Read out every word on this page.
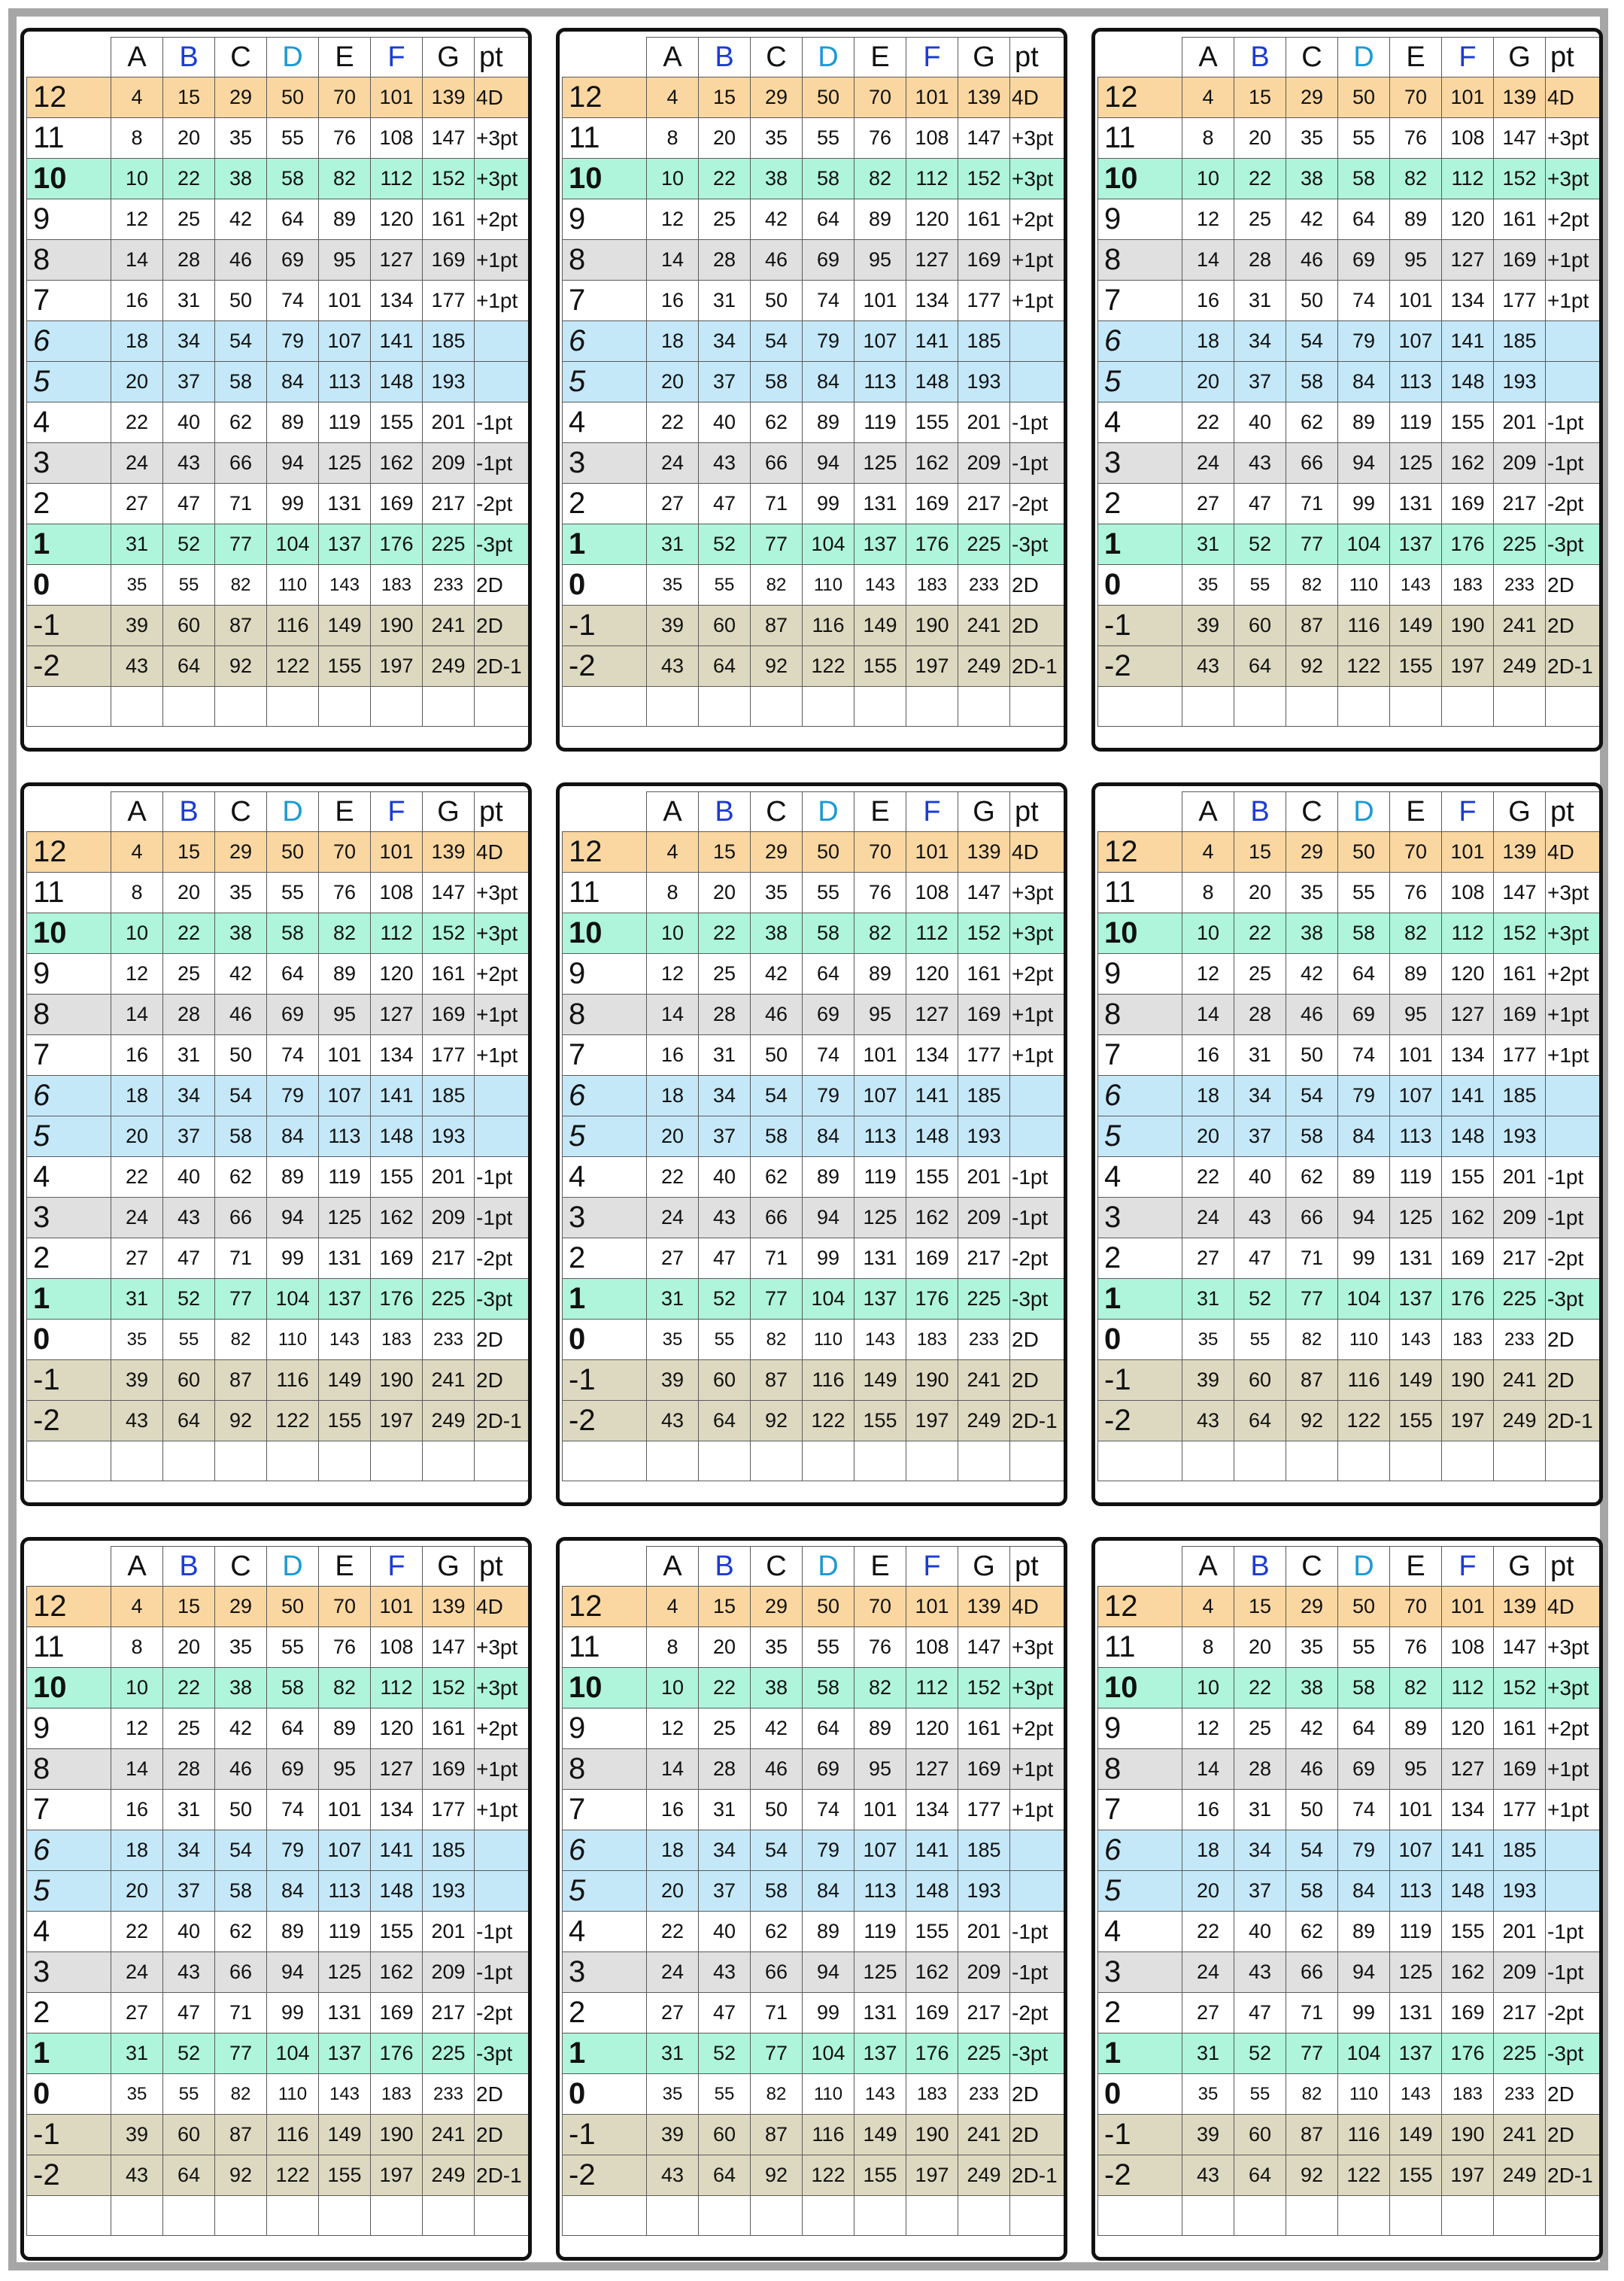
	A	B	C	D	E	F	G	pt
12	4	15	29	50	70	101	139	4D
11	8	20	35	55	76	108	147	+3pt
10	10	22	38	58	82	112	152	+3pt
9	12	25	42	64	89	120	161	+2pt
8	14	28	46	69	95	127	169	+1pt
7	16	31	50	74	101	134	177	+1pt
6	18	34	54	79	107	141	185	
5	20	37	58	84	113	148	193	
4	22	40	62	89	119	155	201	-1pt
3	24	43	66	94	125	162	209	-1pt
2	27	47	71	99	131	169	217	-2pt
1	31	52	77	104	137	176	225	-3pt
0	35	55	82	110	143	183	233	2D
-1	39	60	87	116	149	190	241	2D
-2	43	64	92	122	155	197	249	2D-1

	A	B	C	D	E	F	G	pt
12	4	15	29	50	70	101	139	4D
11	8	20	35	55	76	108	147	+3pt
10	10	22	38	58	82	112	152	+3pt
9	12	25	42	64	89	120	161	+2pt
8	14	28	46	69	95	127	169	+1pt
7	16	31	50	74	101	134	177	+1pt
6	18	34	54	79	107	141	185	
5	20	37	58	84	113	148	193	
4	22	40	62	89	119	155	201	-1pt
3	24	43	66	94	125	162	209	-1pt
2	27	47	71	99	131	169	217	-2pt
1	31	52	77	104	137	176	225	-3pt
0	35	55	82	110	143	183	233	2D
-1	39	60	87	116	149	190	241	2D
-2	43	64	92	122	155	197	249	2D-1

	A	B	C	D	E	F	G	pt
12	4	15	29	50	70	101	139	4D
11	8	20	35	55	76	108	147	+3pt
10	10	22	38	58	82	112	152	+3pt
9	12	25	42	64	89	120	161	+2pt
8	14	28	46	69	95	127	169	+1pt
7	16	31	50	74	101	134	177	+1pt
6	18	34	54	79	107	141	185	
5	20	37	58	84	113	148	193	
4	22	40	62	89	119	155	201	-1pt
3	24	43	66	94	125	162	209	-1pt
2	27	47	71	99	131	169	217	-2pt
1	31	52	77	104	137	176	225	-3pt
0	35	55	82	110	143	183	233	2D
-1	39	60	87	116	149	190	241	2D
-2	43	64	92	122	155	197	249	2D-1

	A	B	C	D	E	F	G	pt
12	4	15	29	50	70	101	139	4D
11	8	20	35	55	76	108	147	+3pt
10	10	22	38	58	82	112	152	+3pt
9	12	25	42	64	89	120	161	+2pt
8	14	28	46	69	95	127	169	+1pt
7	16	31	50	74	101	134	177	+1pt
6	18	34	54	79	107	141	185	
5	20	37	58	84	113	148	193	
4	22	40	62	89	119	155	201	-1pt
3	24	43	66	94	125	162	209	-1pt
2	27	47	71	99	131	169	217	-2pt
1	31	52	77	104	137	176	225	-3pt
0	35	55	82	110	143	183	233	2D
-1	39	60	87	116	149	190	241	2D
-2	43	64	92	122	155	197	249	2D-1

	A	B	C	D	E	F	G	pt
12	4	15	29	50	70	101	139	4D
11	8	20	35	55	76	108	147	+3pt
10	10	22	38	58	82	112	152	+3pt
9	12	25	42	64	89	120	161	+2pt
8	14	28	46	69	95	127	169	+1pt
7	16	31	50	74	101	134	177	+1pt
6	18	34	54	79	107	141	185	
5	20	37	58	84	113	148	193	
4	22	40	62	89	119	155	201	-1pt
3	24	43	66	94	125	162	209	-1pt
2	27	47	71	99	131	169	217	-2pt
1	31	52	77	104	137	176	225	-3pt
0	35	55	82	110	143	183	233	2D
-1	39	60	87	116	149	190	241	2D
-2	43	64	92	122	155	197	249	2D-1

	A	B	C	D	E	F	G	pt
12	4	15	29	50	70	101	139	4D
11	8	20	35	55	76	108	147	+3pt
10	10	22	38	58	82	112	152	+3pt
9	12	25	42	64	89	120	161	+2pt
8	14	28	46	69	95	127	169	+1pt
7	16	31	50	74	101	134	177	+1pt
6	18	34	54	79	107	141	185	
5	20	37	58	84	113	148	193	
4	22	40	62	89	119	155	201	-1pt
3	24	43	66	94	125	162	209	-1pt
2	27	47	71	99	131	169	217	-2pt
1	31	52	77	104	137	176	225	-3pt
0	35	55	82	110	143	183	233	2D
-1	39	60	87	116	149	190	241	2D
-2	43	64	92	122	155	197	249	2D-1

	A	B	C	D	E	F	G	pt
12	4	15	29	50	70	101	139	4D
11	8	20	35	55	76	108	147	+3pt
10	10	22	38	58	82	112	152	+3pt
9	12	25	42	64	89	120	161	+2pt
8	14	28	46	69	95	127	169	+1pt
7	16	31	50	74	101	134	177	+1pt
6	18	34	54	79	107	141	185	
5	20	37	58	84	113	148	193	
4	22	40	62	89	119	155	201	-1pt
3	24	43	66	94	125	162	209	-1pt
2	27	47	71	99	131	169	217	-2pt
1	31	52	77	104	137	176	225	-3pt
0	35	55	82	110	143	183	233	2D
-1	39	60	87	116	149	190	241	2D
-2	43	64	92	122	155	197	249	2D-1

	A	B	C	D	E	F	G	pt
12	4	15	29	50	70	101	139	4D
11	8	20	35	55	76	108	147	+3pt
10	10	22	38	58	82	112	152	+3pt
9	12	25	42	64	89	120	161	+2pt
8	14	28	46	69	95	127	169	+1pt
7	16	31	50	74	101	134	177	+1pt
6	18	34	54	79	107	141	185	
5	20	37	58	84	113	148	193	
4	22	40	62	89	119	155	201	-1pt
3	24	43	66	94	125	162	209	-1pt
2	27	47	71	99	131	169	217	-2pt
1	31	52	77	104	137	176	225	-3pt
0	35	55	82	110	143	183	233	2D
-1	39	60	87	116	149	190	241	2D
-2	43	64	92	122	155	197	249	2D-1

	A	B	C	D	E	F	G	pt
12	4	15	29	50	70	101	139	4D
11	8	20	35	55	76	108	147	+3pt
10	10	22	38	58	82	112	152	+3pt
9	12	25	42	64	89	120	161	+2pt
8	14	28	46	69	95	127	169	+1pt
7	16	31	50	74	101	134	177	+1pt
6	18	34	54	79	107	141	185	
5	20	37	58	84	113	148	193	
4	22	40	62	89	119	155	201	-1pt
3	24	43	66	94	125	162	209	-1pt
2	27	47	71	99	131	169	217	-2pt
1	31	52	77	104	137	176	225	-3pt
0	35	55	82	110	143	183	233	2D
-1	39	60	87	116	149	190	241	2D
-2	43	64	92	122	155	197	249	2D-1
